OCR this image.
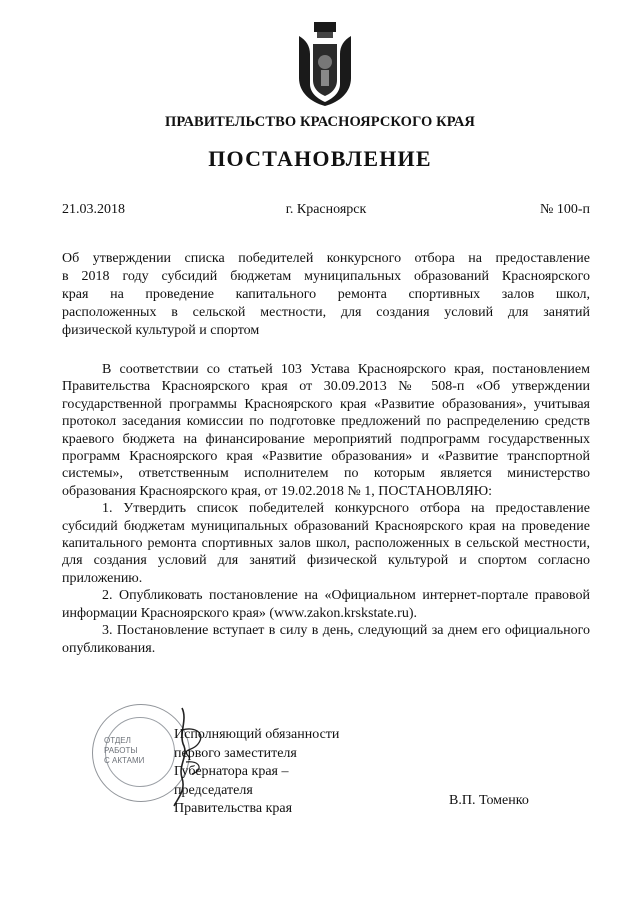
ПРАВИТЕЛЬСТВО КРАСНОЯРСКОГО КРАЯ
ПОСТАНОВЛЕНИЕ
21.03.2018	г. Красноярск	№ 100-п

Об утверждении списка победителей конкурсного отбора на предоставление

в 2018 году субсидий бюджетам муниципальных образований Красноярского

края на проведение капитального ремонта спортивных залов школ,

расположенных в сельской местности, для создания условий для занятий

физической культурой и спортом

В соответствии со статьей 103 Устава Красноярского края, постановлением Правительства Красноярского края от 30.09.2013 № 508-п «Об утверждении государственной программы Красноярского края «Развитие образования», учитывая протокол заседания комиссии по подготовке предложений по распределению средств краевого бюджета на финансирование мероприятий подпрограмм государственных программ Красноярского края «Развитие образования» и «Развитие транспортной системы», ответственным исполнителем по которым является министерство образования Красноярского края, от 19.02.2018 № 1, ПОСТАНОВЛЯЮ:

1. Утвердить список победителей конкурсного отбора на предоставление субсидий бюджетам муниципальных образований Красноярского края на проведение капитального ремонта спортивных залов школ, расположенных в сельской местности, для создания условий для занятий физической культурой и спортом согласно приложению.

2. Опубликовать постановление на «Официальном интернет-портале правовой информации Красноярского края» (www.zakon.krskstate.ru).

3. Постановление вступает в силу в день, следующий за днем его официального опубликования.

ОТДЕЛ
РАБОТЫ
С АКТАМИ
Исполняющий обязанности
первого заместителя
Губернатора края –
председателя
Правительства края
В.П. Томенко
